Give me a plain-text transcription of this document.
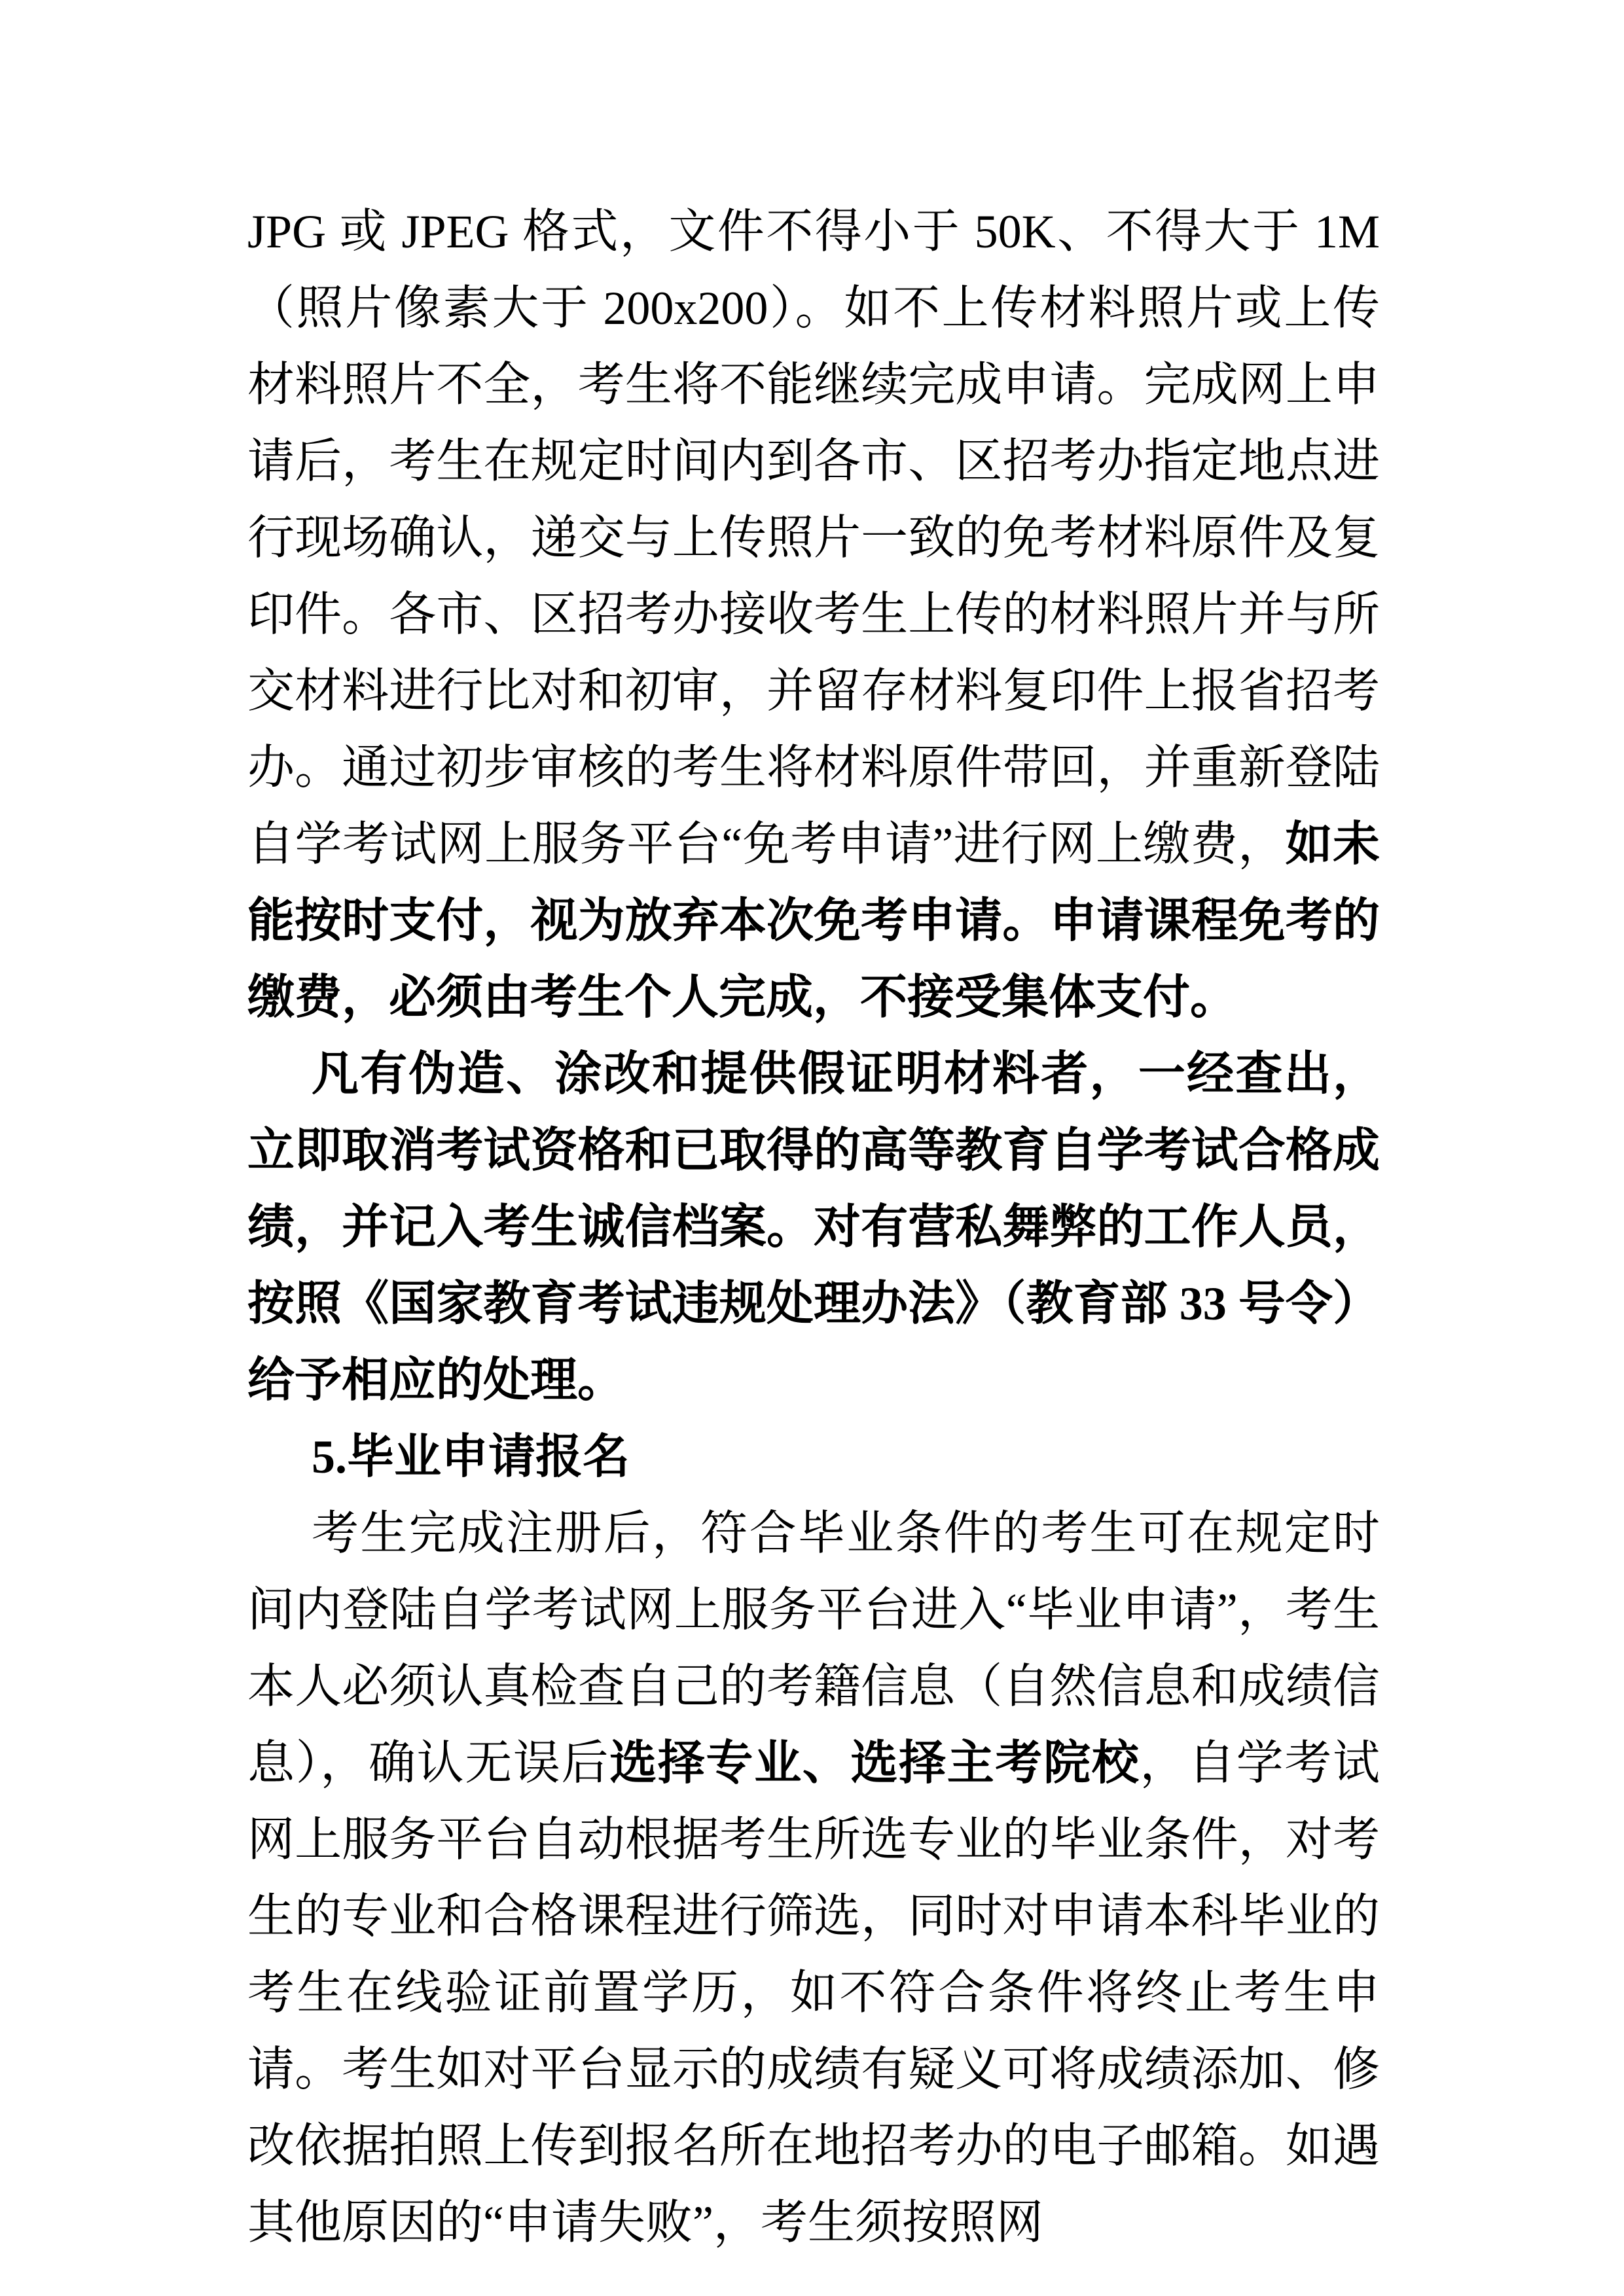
JPG 或 JPEG 格式，文件不得小于 50K、不得大于 1M（照片像素大于 200x200）。如不上传材料照片或上传材料照片不全，考生将不能继续完成申请。完成网上申请后，考生在规定时间内到各市、区招考办指定地点进行现场确认，递交与上传照片一致的免考材料原件及复印件。各市、区招考办接收考生上传的材料照片并与所交材料进行比对和初审，并留存材料复印件上报省招考办。通过初步审核的考生将材料原件带回，并重新登陆自学考试网上服务平台“免考申请”进行网上缴费，如未能按时支付，视为放弃本次免考申请。申请课程免考的缴费，必须由考生个人完成，不接受集体支付。

凡有伪造、涂改和提供假证明材料者，一经查出，立即取消考试资格和已取得的高等教育自学考试合格成绩，并记入考生诚信档案。对有营私舞弊的工作人员，按照《国家教育考试违规处理办法》（教育部 33 号令）给予相应的处理。

5.毕业申请报名

考生完成注册后，符合毕业条件的考生可在规定时间内登陆自学考试网上服务平台进入“毕业申请”，考生本人必须认真检查自己的考籍信息（自然信息和成绩信息），确认无误后选择专业、选择主考院校，自学考试网上服务平台自动根据考生所选专业的毕业条件，对考生的专业和合格课程进行筛选，同时对申请本科毕业的考生在线验证前置学历，如不符合条件将终止考生申请。考生如对平台显示的成绩有疑义可将成绩添加、修改依据拍照上传到报名所在地招考办的电子邮箱。如遇其他原因的“申请失败”，考生须按照网
